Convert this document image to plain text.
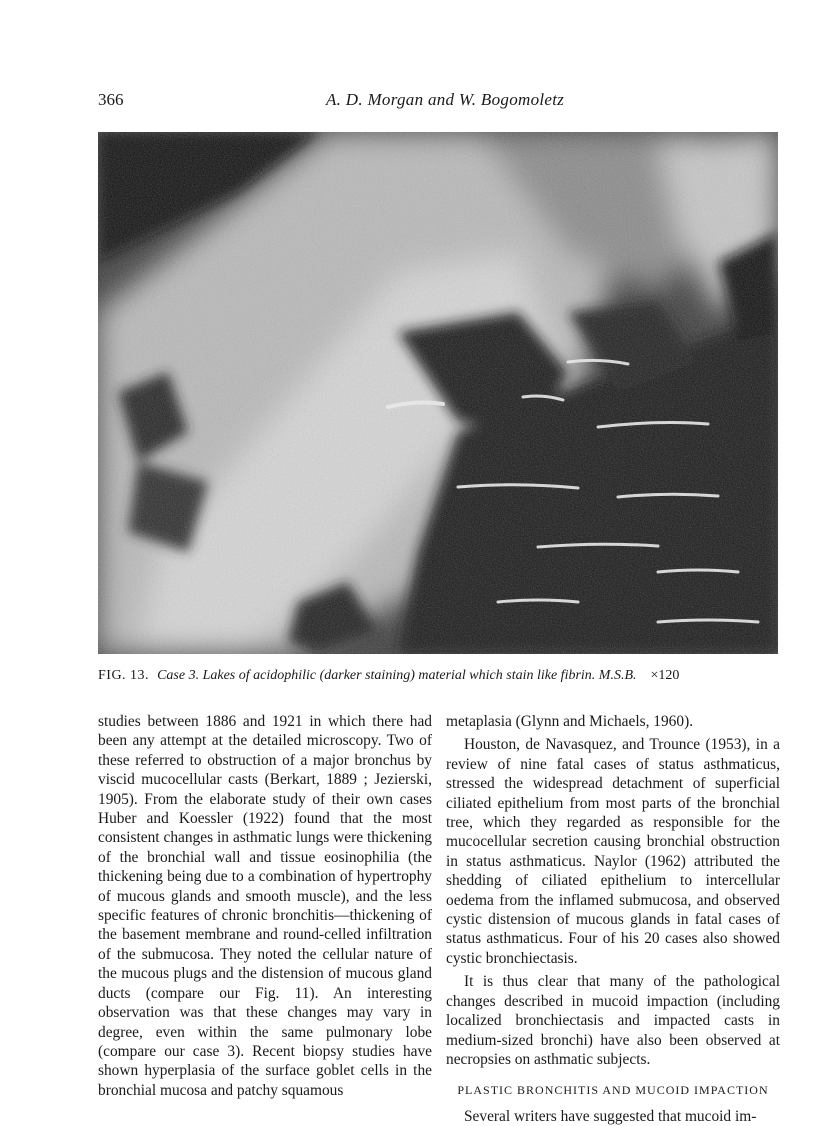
366	A. D. Morgan and W. Bogomoletz
FIG. 13. Case 3. Lakes of acidophilic (darker staining) material which stain like fibrin. M.S.B. ×120

studies between 1886 and 1921 in which there had been any attempt at the detailed microscopy. Two of these referred to obstruction of a major bronchus by viscid mucocellular casts (Berkart, 1889 ; Jezierski, 1905). From the elaborate study of their own cases Huber and Koessler (1922) found that the most consistent changes in asthmatic lungs were thickening of the bronchial wall and tissue eosinophilia (the thickening being due to a combination of hypertrophy of mucous glands and smooth muscle), and the less specific features of chronic bronchitis—thickening of the basement membrane and round-celled infiltration of the submucosa. They noted the cellular nature of the mucous plugs and the distension of mucous gland ducts (compare our Fig. 11). An interesting observation was that these changes may vary in degree, even within the same pulmonary lobe (compare our case 3). Recent biopsy studies have shown hyperplasia of the surface goblet cells in the bronchial mucosa and patchy squamous

metaplasia (Glynn and Michaels, 1960).

Houston, de Navasquez, and Trounce (1953), in a review of nine fatal cases of status asthmaticus, stressed the widespread detachment of superficial ciliated epithelium from most parts of the bronchial tree, which they regarded as responsible for the mucocellular secretion causing bronchial obstruction in status asthmaticus. Naylor (1962) attributed the shedding of ciliated epithelium to intercellular oedema from the inflamed submucosa, and observed cystic distension of mucous glands in fatal cases of status asthmaticus. Four of his 20 cases also showed cystic bronchiectasis.

It is thus clear that many of the pathological changes described in mucoid impaction (including localized bronchiectasis and impacted casts in medium-sized bronchi) have also been observed at necropsies on asthmatic subjects.

PLASTIC BRONCHITIS AND MUCOID IMPACTION

Several writers have suggested that mucoid im-
